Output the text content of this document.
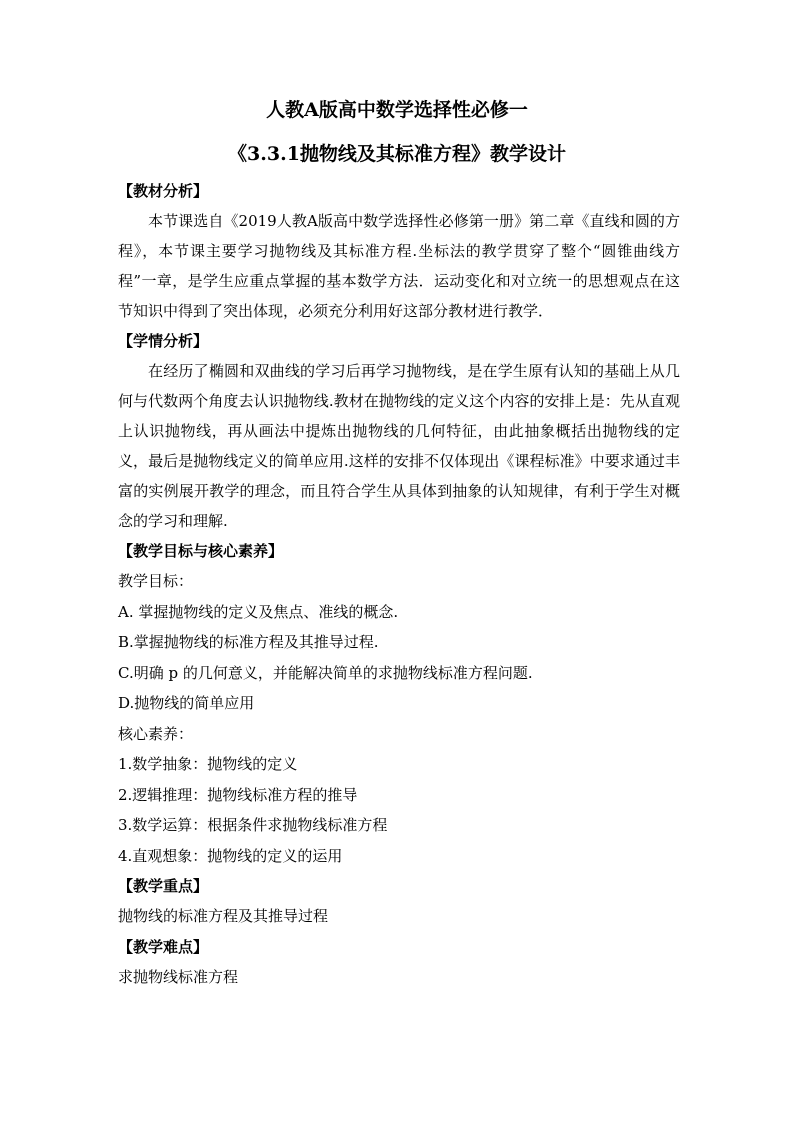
人教A版高中数学选择性必修一
《3.3.1抛物线及其标准方程》教学设计
【教材分析】

本节课选自《2019人教A版高中数学选择性必修第一册》第二章《直线和圆的方程》，本节课主要学习抛物线及其标准方程.坐标法的教学贯穿了整个“圆锥曲线方程”一章，是学生应重点掌握的基本数学方法．运动变化和对立统一的思想观点在这节知识中得到了突出体现，必须充分利用好这部分教材进行教学．

【学情分析】

在经历了椭圆和双曲线的学习后再学习抛物线，是在学生原有认知的基础上从几何与代数两个角度去认识抛物线.教材在抛物线的定义这个内容的安排上是：先从直观上认识抛物线，再从画法中提炼出抛物线的几何特征，由此抽象概括出抛物线的定义，最后是抛物线定义的简单应用.这样的安排不仅体现出《课程标准》中要求通过丰富的实例展开教学的理念，而且符合学生从具体到抽象的认知规律，有利于学生对概念的学习和理解.

【教学目标与核心素养】
教学目标：
A. 掌握抛物线的定义及焦点、准线的概念.
B.掌握抛物线的标准方程及其推导过程.
C.明确 p 的几何意义，并能解决简单的求抛物线标准方程问题.
D.抛物线的简单应用
核心素养：
1.数学抽象：抛物线的定义
2.逻辑推理：抛物线标准方程的推导
3.数学运算：根据条件求抛物线标准方程
4.直观想象：抛物线的定义的运用
【教学重点】
抛物线的标准方程及其推导过程
【教学难点】
求抛物线标准方程
